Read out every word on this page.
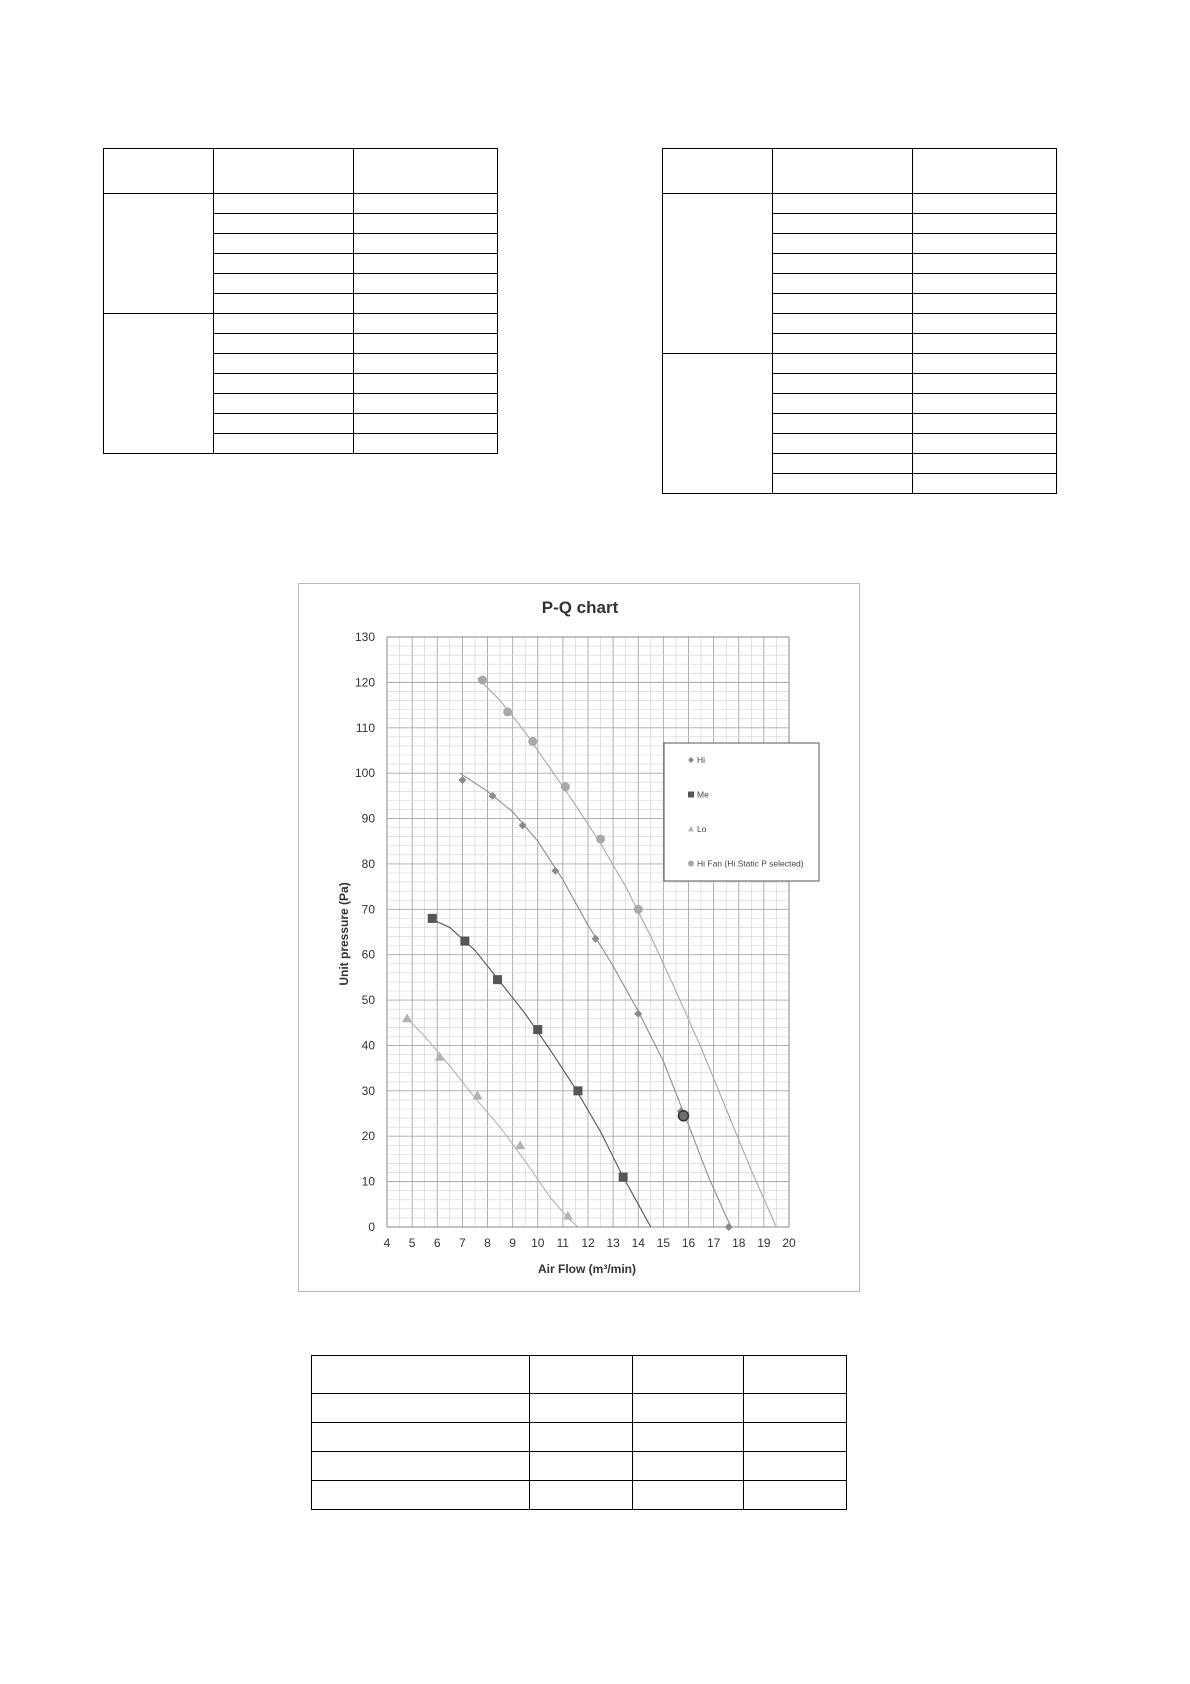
P-Q chart
4 5 6 7 8 9 10 11 12 13 14 15 16 17 18 19 20
0
10
20
30
40
50
60
70
80
90
100
110
120
130
Air Flow (m³/min)
Unit pressure (Pa)
Hi
Me
Lo
Hi Fan (Hi Static P selected)
